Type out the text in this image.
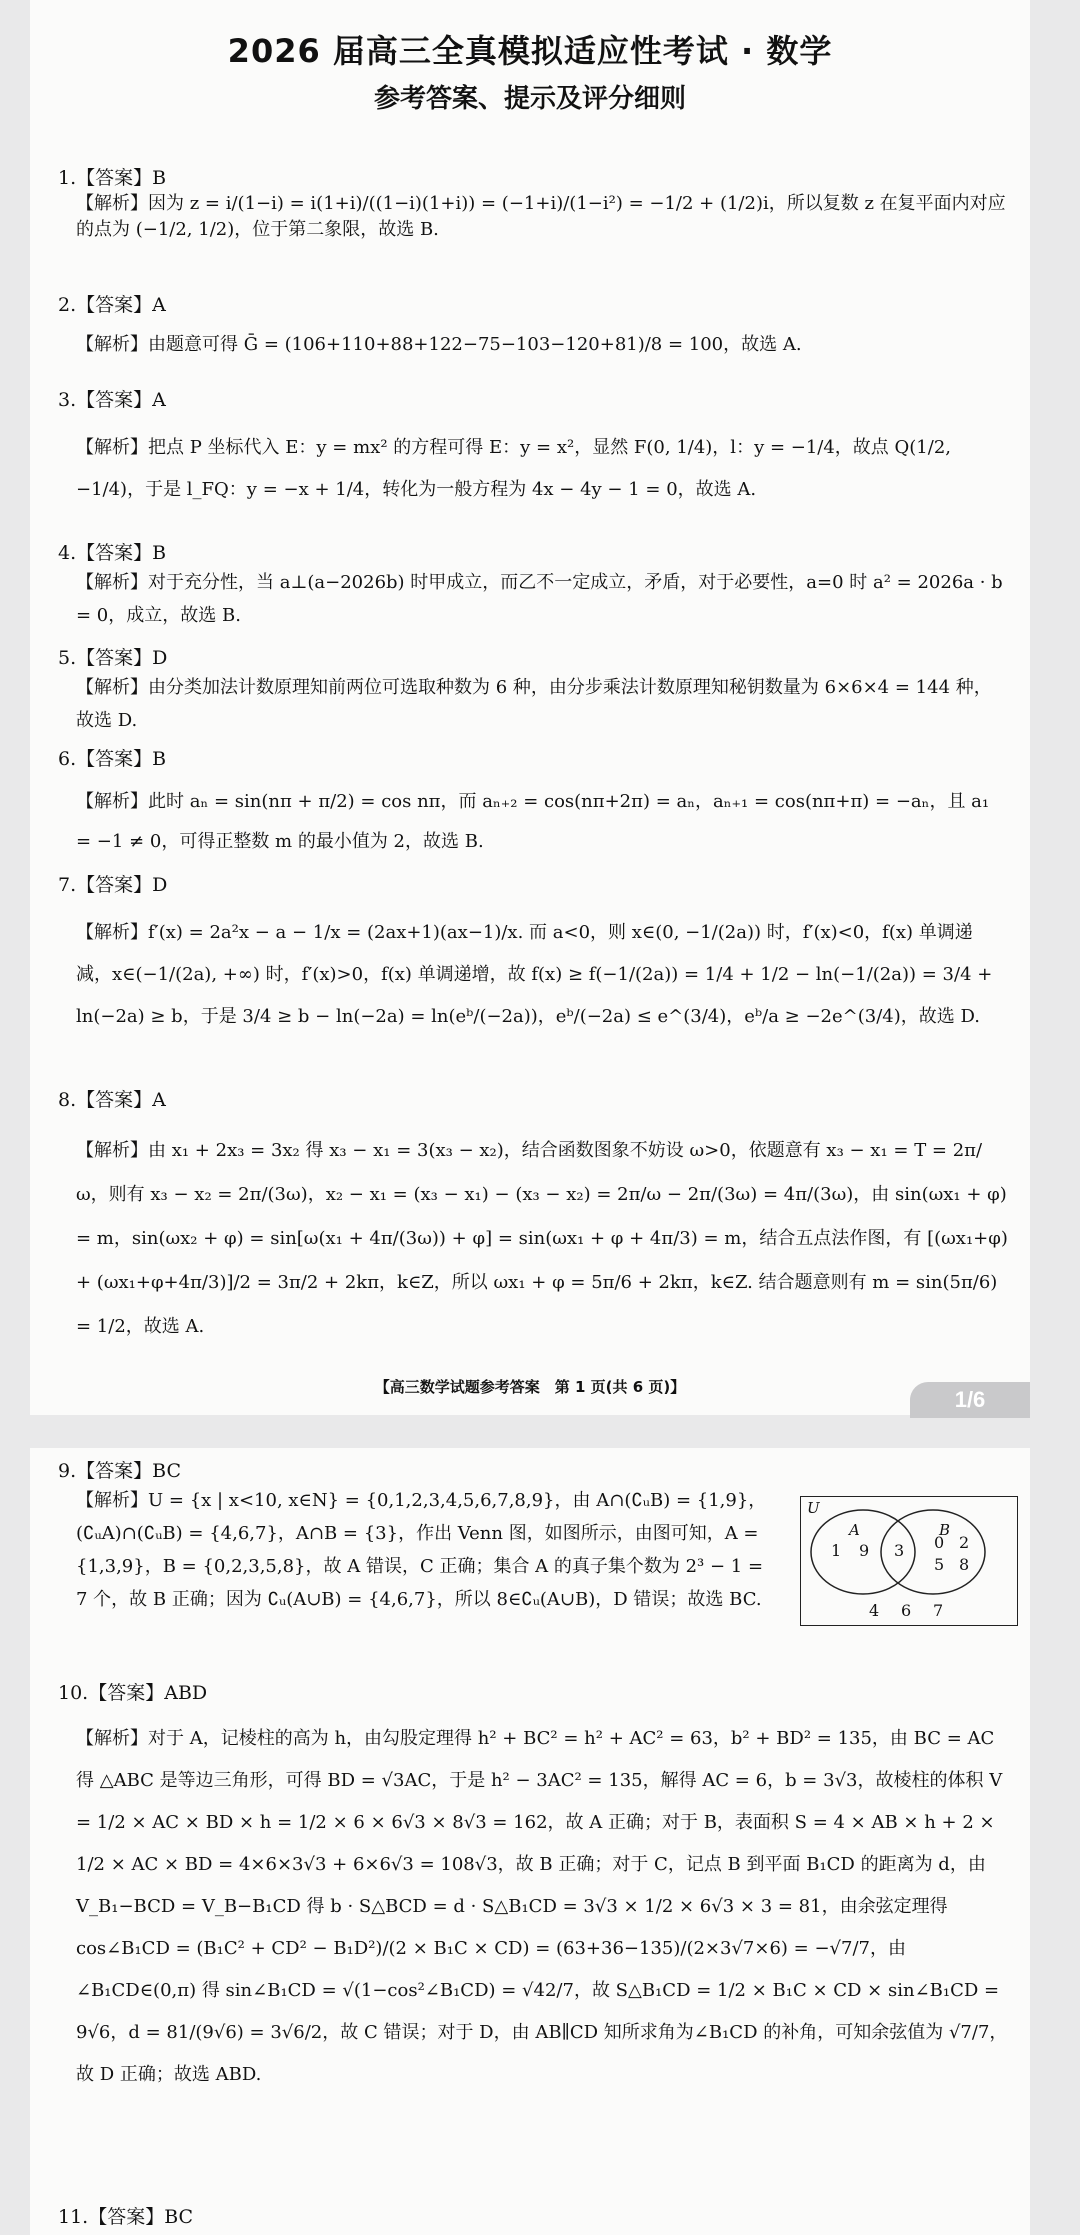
2026 届高三全真模拟适应性考试 · 数学
参考答案、提示及评分细则
1.【答案】B
【解析】因为 z = i/(1−i) = i(1+i)/((1−i)(1+i)) = (−1+i)/(1−i²) = −1/2 + (1/2)i，所以复数 z 在复平面内对应的点为 (−1/2, 1/2)，位于第二象限，故选 B.
2.【答案】A
【解析】由题意可得 Ḡ = (106+110+88+122−75−103−120+81)/8 = 100，故选 A.
3.【答案】A
【解析】把点 P 坐标代入 E：y = mx² 的方程可得 E：y = x²，显然 F(0, 1/4)，l：y = −1/4，故点 Q(1/2, −1/4)，于是 l_FQ：y = −x + 1/4，转化为一般方程为 4x − 4y − 1 = 0，故选 A.
4.【答案】B
【解析】对于充分性，当 a⊥(a−2026b) 时甲成立，而乙不一定成立，矛盾，对于必要性，a=0 时 a² = 2026a · b = 0，成立，故选 B.
5.【答案】D
【解析】由分类加法计数原理知前两位可选取种数为 6 种，由分步乘法计数原理知秘钥数量为 6×6×4 = 144 种，故选 D.
6.【答案】B
【解析】此时 aₙ = sin(nπ + π/2) = cos nπ，而 aₙ₊₂ = cos(nπ+2π) = aₙ，aₙ₊₁ = cos(nπ+π) = −aₙ，且 a₁ = −1 ≠ 0，可得正整数 m 的最小值为 2，故选 B.
7.【答案】D
【解析】f′(x) = 2a²x − a − 1/x = (2ax+1)(ax−1)/x. 而 a<0，则 x∈(0, −1/(2a)) 时，f′(x)<0，f(x) 单调递减，x∈(−1/(2a), +∞) 时，f′(x)>0，f(x) 单调递增，故 f(x) ≥ f(−1/(2a)) = 1/4 + 1/2 − ln(−1/(2a)) = 3/4 + ln(−2a) ≥ b，于是 3/4 ≥ b − ln(−2a) = ln(eᵇ/(−2a))，eᵇ/(−2a) ≤ e^(3/4)，eᵇ/a ≥ −2e^(3/4)，故选 D.
8.【答案】A
【解析】由 x₁ + 2x₃ = 3x₂ 得 x₃ − x₁ = 3(x₃ − x₂)，结合函数图象不妨设 ω>0，依题意有 x₃ − x₁ = T = 2π/ω，则有 x₃ − x₂ = 2π/(3ω)，x₂ − x₁ = (x₃ − x₁) − (x₃ − x₂) = 2π/ω − 2π/(3ω) = 4π/(3ω)，由 sin(ωx₁ + φ) = m，sin(ωx₂ + φ) = sin[ω(x₁ + 4π/(3ω)) + φ] = sin(ωx₁ + φ + 4π/3) = m，结合五点法作图，有 [(ωx₁+φ) + (ωx₁+φ+4π/3)]/2 = 3π/2 + 2kπ，k∈Z，所以 ωx₁ + φ = 5π/6 + 2kπ，k∈Z. 结合题意则有 m = sin(5π/6) = 1/2，故选 A.
【高三数学试题参考答案　第 1 页(共 6 页)】	1/6
9.【答案】BC
【解析】U = {x | x<10, x∈N} = {0,1,2,3,4,5,6,7,8,9}，由 A∩(∁ᵤB) = {1,9}，(∁ᵤA)∩(∁ᵤB) = {4,6,7}，A∩B = {3}，作出 Venn 图，如图所示，由图可知，A = {1,3,9}，B = {0,2,3,5,8}，故 A 错误，C 正确；集合 A 的真子集个数为 2³ − 1 = 7 个，故 B 正确；因为 ∁ᵤ(A∪B) = {4,6,7}，所以 8∈∁ᵤ(A∪B)，D 错误；故选 BC.
U
A	B
1 9 3 0 2
5 8
4 6 7
10.【答案】ABD
【解析】对于 A，记棱柱的高为 h，由勾股定理得 h² + BC² = h² + AC² = 63，b² + BD² = 135，由 BC = AC 得 △ABC 是等边三角形，可得 BD = √3AC，于是 h² − 3AC² = 135，解得 AC = 6，b = 3√3，故棱柱的体积 V = 1/2 × AC × BD × h = 1/2 × 6 × 6√3 × 8√3 = 162，故 A 正确；对于 B，表面积 S = 4 × AB × h + 2 × 1/2 × AC × BD = 4×6×3√3 + 6×6√3 = 108√3，故 B 正确；对于 C，记点 B 到平面 B₁CD 的距离为 d，由 V_B₁−BCD = V_B−B₁CD 得 b · S△BCD = d · S△B₁CD = 3√3 × 1/2 × 6√3 × 3 = 81，由余弦定理得 cos∠B₁CD = (B₁C² + CD² − B₁D²)/(2 × B₁C × CD) = (63+36−135)/(2×3√7×6) = −√7/7，由 ∠B₁CD∈(0,π) 得 sin∠B₁CD = √(1−cos²∠B₁CD) = √42/7，故 S△B₁CD = 1/2 × B₁C × CD × sin∠B₁CD = 9√6，d = 81/(9√6) = 3√6/2，故 C 错误；对于 D，由 AB∥CD 知所求角为∠B₁CD 的补角，可知余弦值为 √7/7，故 D 正确；故选 ABD.
11.【答案】BC
